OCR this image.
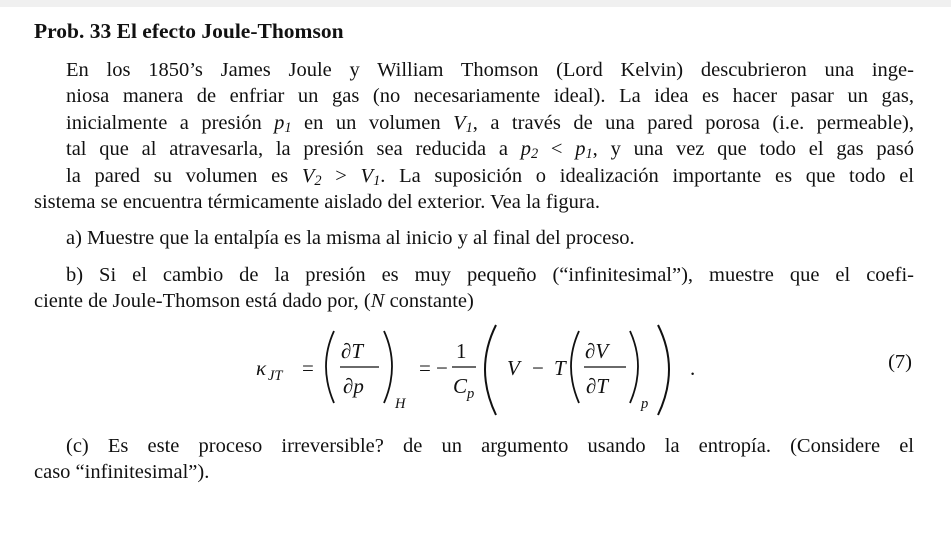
Prob. 33 El efecto Joule-Thomson

En los 1850’s James Joule y William Thomson (Lord Kelvin) descubrieron una inge-
niosa manera de enfriar un gas (no necesariamente ideal). La idea es hacer pasar un gas,
inicialmente a presión $p_1$ en un volumen $V_1$, a través de una pared porosa (i.e. permeable),
tal que al atravesarla, la presión sea reducida a $p_2 < p_1$, y una vez que todo el gas pasó
la pared su volumen es $V_2 > V_1$. La suposición o idealización importante es que todo el
sistema se encuentra térmicamente aislado del exterior. Vea la figura.

a) Muestre que la entalpía es la misma al inicio y al final del proceso.

b) Si el cambio de la presión es muy pequeño (“infinitesimal”), muestre que el coefi-
ciente de Joule-Thomson está dado por, (N constante)

κ JT =
∂T
∂p
H
= −
1
C p
V − T
∂V
∂T
p
.	(7)

(c) Es este proceso irreversible? de un argumento usando la entropía. (Considere el
caso “infinitesimal”).
